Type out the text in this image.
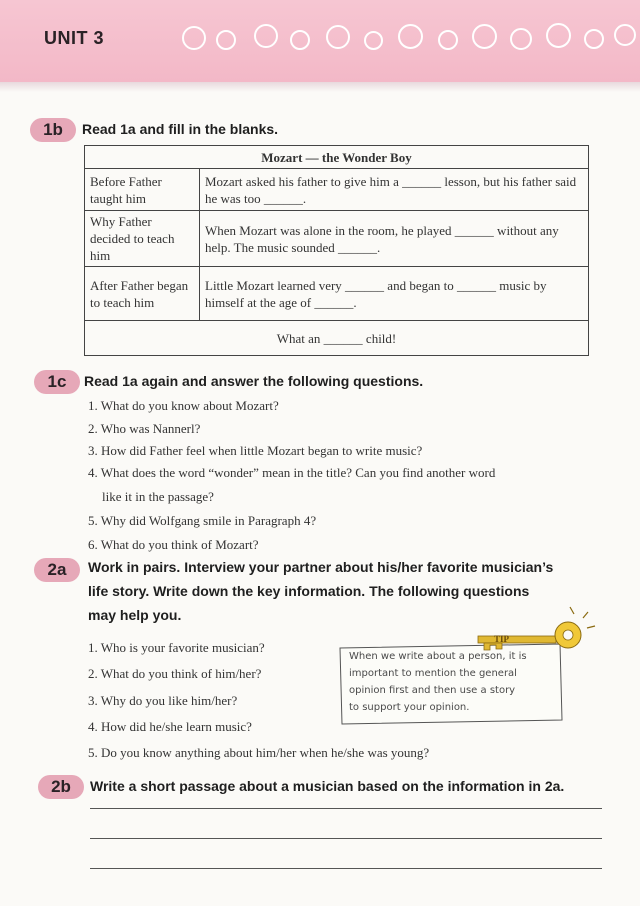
UNIT 3
1b	Read 1a and fill in the blanks.
Mozart — the Wonder Boy	
Before Father taught him	Mozart asked his father to give him a ______ lesson, but his father said he was too ______.
Why Father decided to teach him	When Mozart was alone in the room, he played ______ without any help. The music sounded ______.
After Father began to teach him	Little Mozart learned very ______ and began to ______ music by himself at the age of ______.
What an ______ child!	
1c	Read 1a again and answer the following questions.
1. What do you know about Mozart?
2. Who was Nannerl?
3. How did Father feel when little Mozart began to write music?
4. What does the word “wonder” mean in the title? Can you find another word
like it in the passage?
5. Why did Wolfgang smile in Paragraph 4?
6. What do you think of Mozart?
2a	Work in pairs. Interview your partner about his/her favorite musician’s
life story. Write down the key information. The following questions
may help you.
1. Who is your favorite musician?
2. What do you think of him/her?
3. Why do you like him/her?
4. How did he/she learn music?
5. Do you know anything about him/her when he/she was young?
When we write about a person, it is
important to mention the general
opinion first and then use a story
to support your opinion.
TIP
2b	Write a short passage about a musician based on the information in 2a.
